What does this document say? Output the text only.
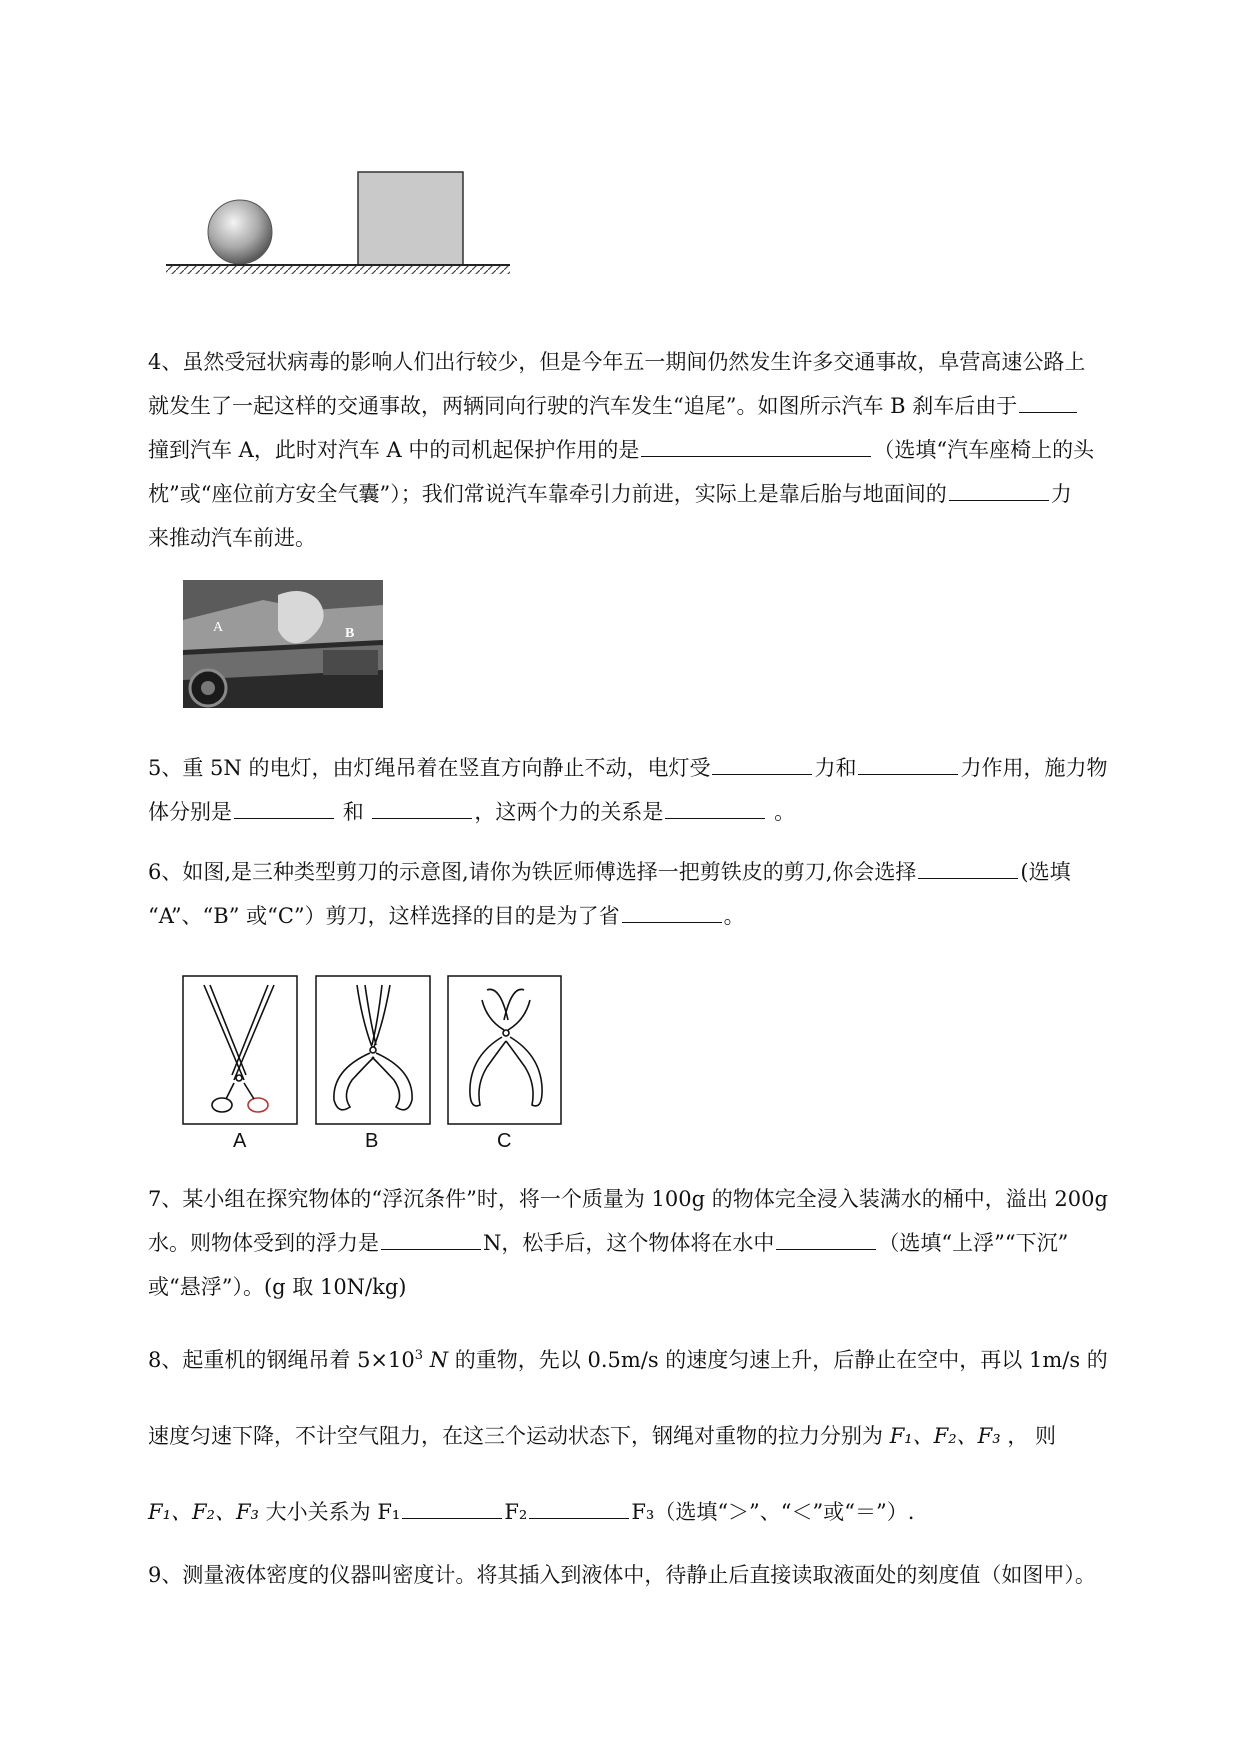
4、虽然受冠状病毒的影响人们出行较少，但是今年五一期间仍然发生许多交通事故，阜营高速公路上
就发生了一起这样的交通事故，两辆同向行驶的汽车发生“追尾”。如图所示汽车 B 刹车后由于
撞到汽车 A，此时对汽车 A 中的司机起保护作用的是	（选填“汽车座椅上的头
枕”或“座位前方安全气囊”）；我们常说汽车靠牵引力前进，实际上是靠后胎与地面间的	力
来推动汽车前进。

A	B

5、重 5N 的电灯，由灯绳吊着在竖直方向静止不动，电灯受	力和	力作用，施力物
体分别是	和	，这两个力的关系是	。

6、如图,是三种类型剪刀的示意图,请你为铁匠师傅选择一把剪铁皮的剪刀,你会选择	(选填
“A”、“B” 或“C”）剪刀，这样选择的目的是为了省	。

A	B	C

7、某小组在探究物体的“浮沉条件”时，将一个质量为 100g 的物体完全浸入装满水的桶中，溢出 200g
水。则物体受到的浮力是	N，松手后，这个物体将在水中	（选填“上浮”“下沉”
或“悬浮”）。(g 取 10N/kg)

8、起重机的钢绳吊着 $5\times 10^3$ N 的重物，先以 0.5m/s 的速度匀速上升，后静止在空中，再以 1m/s 的
速度匀速下降，不计空气阻力，在这三个运动状态下，钢绳对重物的拉力分别为 F₁、F₂、F₃ ， 则
F₁、F₂、F₃ 大小关系为 F₁	F₂	F₃（选填“＞”、“＜”或“＝”）.

9、测量液体密度的仪器叫密度计。将其插入到液体中，待静止后直接读取液面处的刻度值（如图甲）。
